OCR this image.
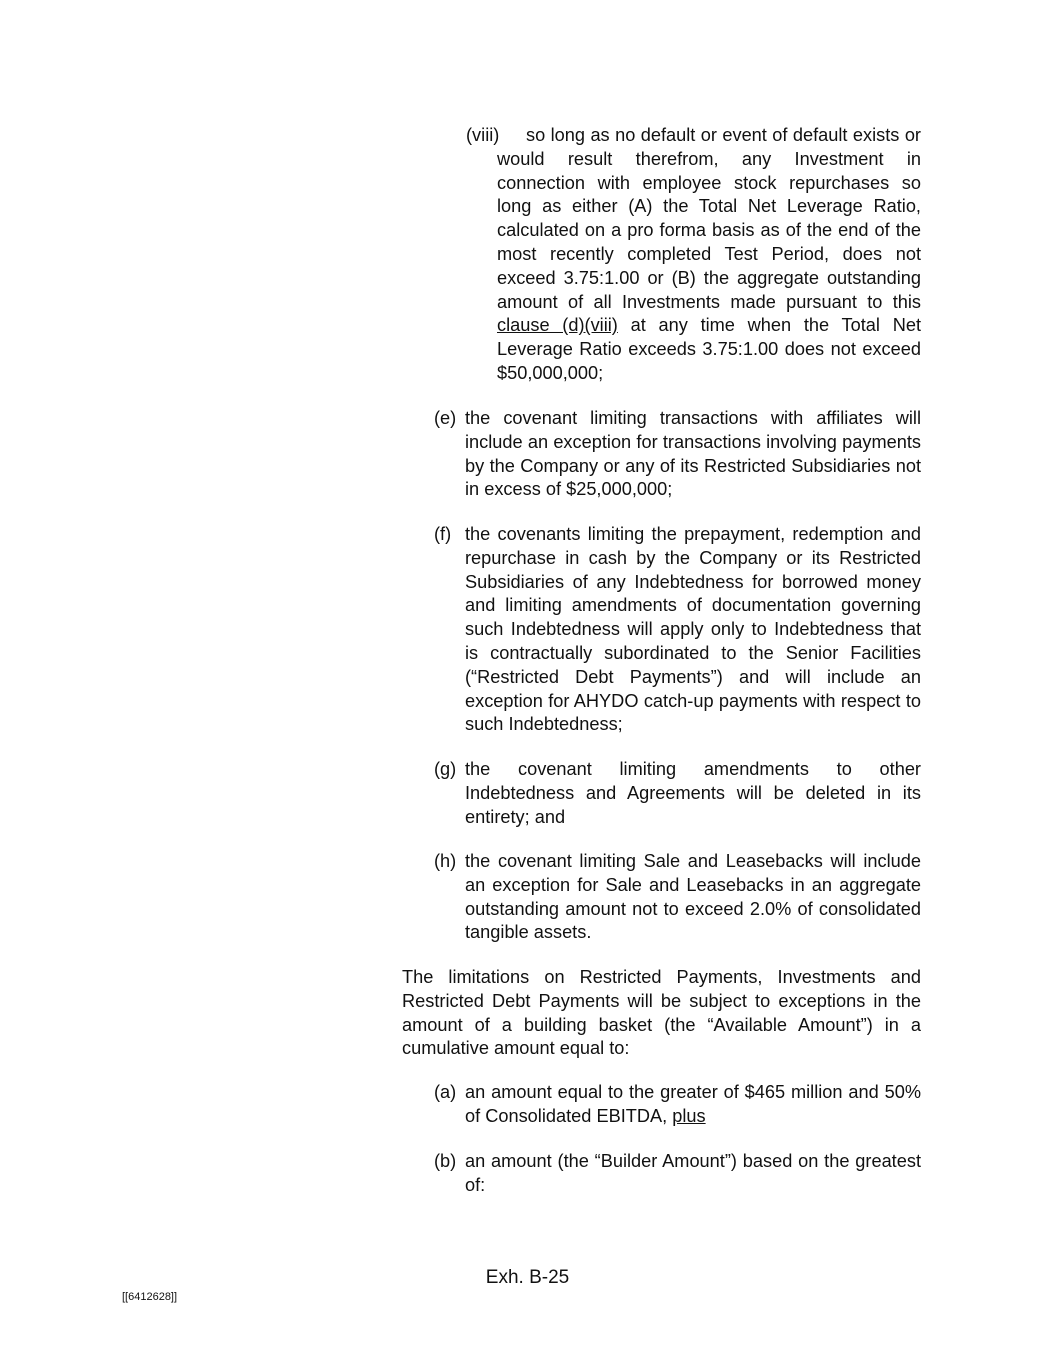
(viii)	so long as no default or event of default exists or would result therefrom, any Investment in connection with employee stock repurchases so long as either (A) the Total Net Leverage Ratio, calculated on a pro forma basis as of the end of the most recently completed Test Period, does not exceed 3.75:1.00 or (B) the aggregate outstanding amount of all Investments made pursuant to this clause (d)(viii) at any time when the Total Net Leverage Ratio exceeds 3.75:1.00 does not exceed $50,000,000;
(e) the covenant limiting transactions with affiliates will include an exception for transactions involving payments by the Company or any of its Restricted Subsidiaries not in excess of $25,000,000;
(f) the covenants limiting the prepayment, redemption and repurchase in cash by the Company or its Restricted Subsidiaries of any Indebtedness for borrowed money and limiting amendments of documentation governing such Indebtedness will apply only to Indebtedness that is contractually subordinated to the Senior Facilities (“Restricted Debt Payments”) and will include an exception for AHYDO catch-up payments with respect to such Indebtedness;
(g) the covenant limiting amendments to other Indebtedness and Agreements will be deleted in its entirety; and
(h) the covenant limiting Sale and Leasebacks will include an exception for Sale and Leasebacks in an aggregate outstanding amount not to exceed 2.0% of consolidated tangible assets.
The limitations on Restricted Payments, Investments and Restricted Debt Payments will be subject to exceptions in the amount of a building basket (the “Available Amount”) in a cumulative amount equal to:
(a) an amount equal to the greater of $465 million and 50% of Consolidated EBITDA, plus
(b) an amount (the “Builder Amount”) based on the greatest of:
Exh. B-25
[[6412628]]
